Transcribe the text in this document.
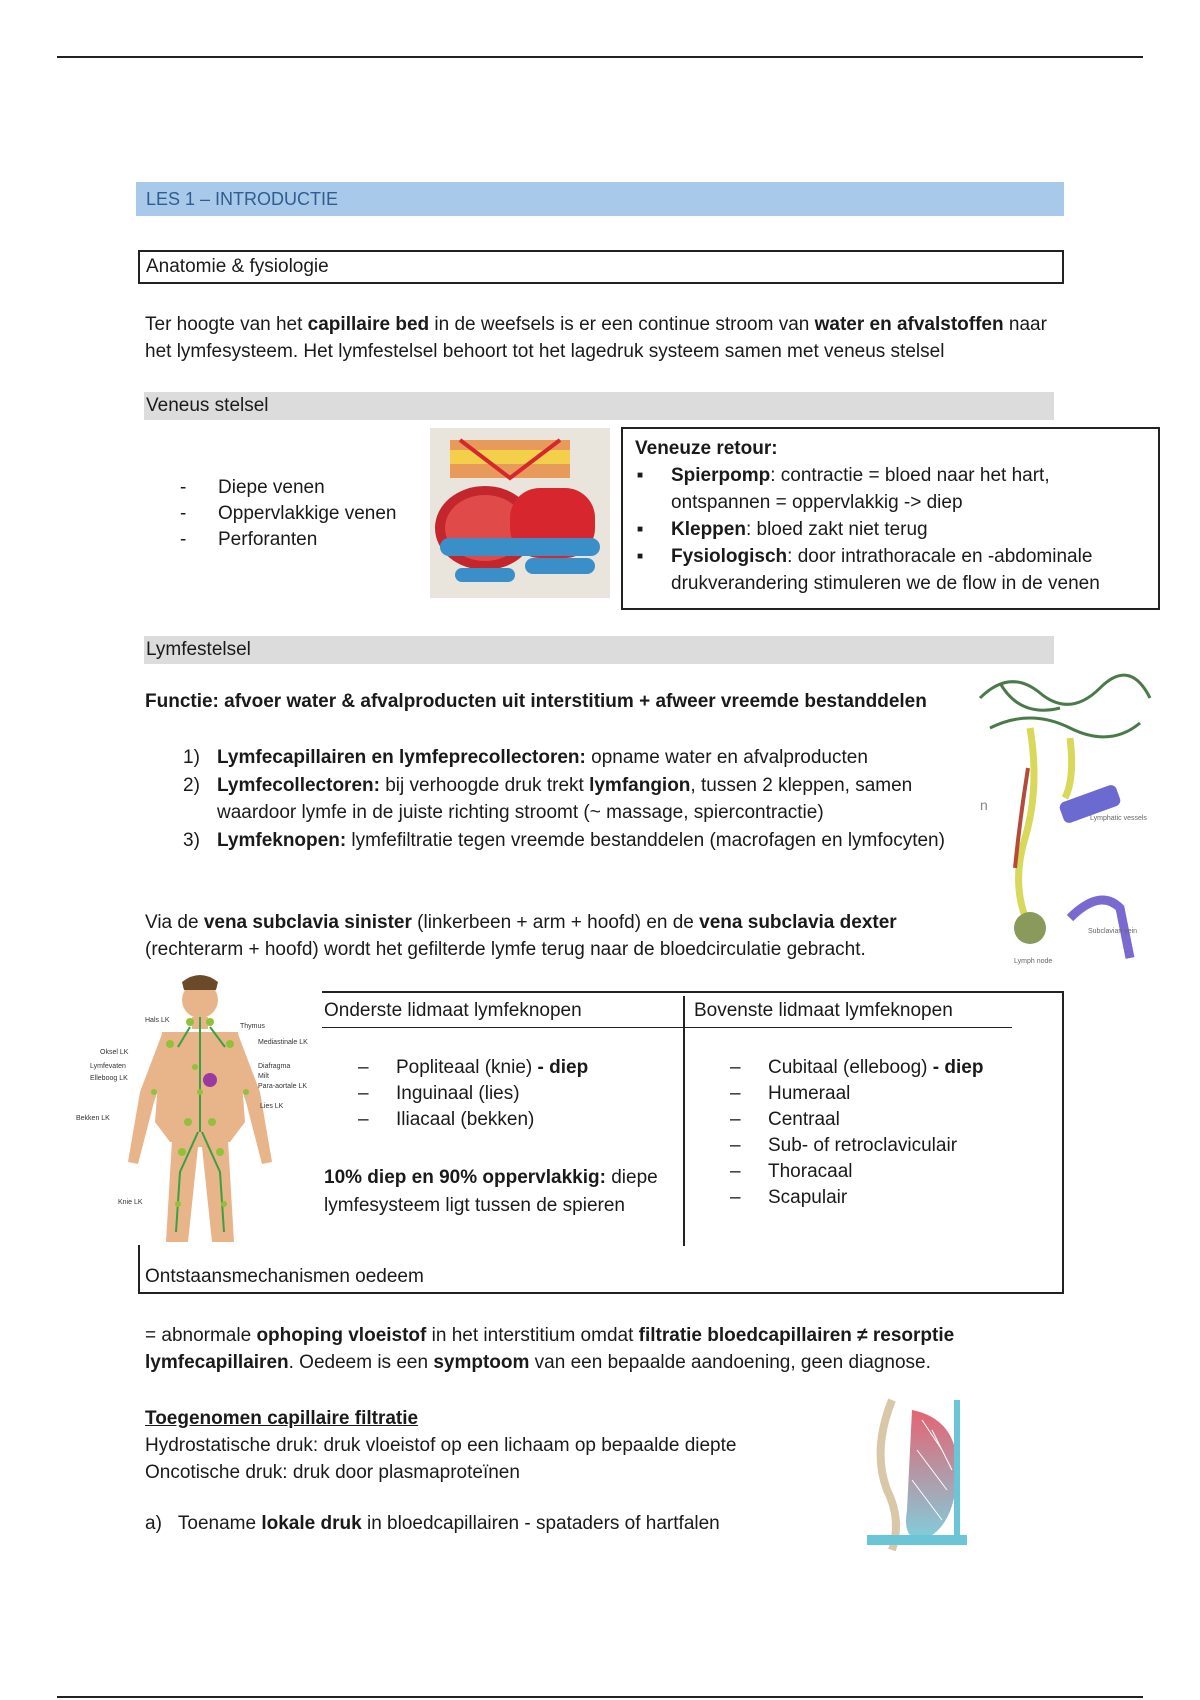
LES 1 – INTRODUCTIE
Anatomie & fysiologie
Ter hoogte van het capillaire bed in de weefsels is er een continue stroom van water en afvalstoffen naar het lymfesysteem. Het lymfestelsel behoort tot het lagedruk systeem samen met veneus stelsel
Veneus stelsel
- Diepe venen
- Oppervlakkige venen
- Perforanten
Veneuze retour:
■ Spierpomp: contractie = bloed naar het hart, ontspannen = oppervlakkig -> diep
■ Kleppen: bloed zakt niet terug
■ Fysiologisch: door intrathoracale en -abdominale drukverandering stimuleren we de flow in de venen
Lymfestelsel
Functie: afvoer water & afvalproducten uit interstitium + afweer vreemde bestanddelen
1) Lymfecapillairen en lymfeprecollectoren: opname water en afvalproducten
2) Lymfecollectoren: bij verhoogde druk trekt lymfangion, tussen 2 kleppen, samen waardoor lymfe in de juiste richting stroomt (~ massage, spiercontractie)
3) Lymfeknopen: lymfefiltratie tegen vreemde bestanddelen (macrofagen en lymfocyten)
Via de vena subclavia sinister (linkerbeen + arm + hoofd) en de vena subclavia dexter (rechterarm + hoofd) wordt het gefilterde lymfe terug naar de bloedcirculatie gebracht.
n
Lymphatic vessels
Subclavian vein
Lymph node
Hals LK
Thymus
Mediastinale LK
Oksel LK
Lymfevaten
Elleboog LK
Diafragma
Milt
Para-aortale LK
Lies LK
Bekken LK
Knie LK
Onderste lidmaat lymfeknopen	Bovenste lidmaat lymfeknopen
– Popliteaal (knie) - diep
– Inguinaal (lies)
– Iliacaal (bekken)
10% diep en 90% oppervlakkig: diepe lymfesysteem ligt tussen de spieren
– Cubitaal (elleboog) - diep
– Humeraal
– Centraal
– Sub- of retroclaviculair
– Thoracaal
– Scapulair
Ontstaansmechanismen oedeem
= abnormale ophoping vloeistof in het interstitium omdat filtratie bloedcapillairen ≠ resorptie lymfecapillairen. Oedeem is een symptoom van een bepaalde aandoening, geen diagnose.
Toegenomen capillaire filtratie
Hydrostatische druk: druk vloeistof op een lichaam op bepaalde diepte
Oncotische druk: druk door plasmaproteïnen
a) Toename lokale druk in bloedcapillairen - spataders of hartfalen
